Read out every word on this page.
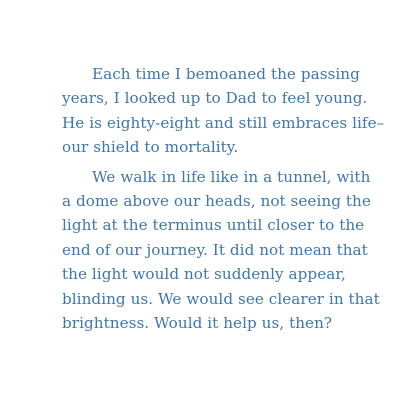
Each time I bemoaned the passing
years, I looked up to Dad to feel young.
He is eighty-eight and still embraces life–
our shield to mortality.
We walk in life like in a tunnel, with
a dome above our heads, not seeing the
light at the terminus until closer to the
end of our journey. It did not mean that
the light would not suddenly appear,
blinding us. We would see clearer in that
brightness. Would it help us, then?
